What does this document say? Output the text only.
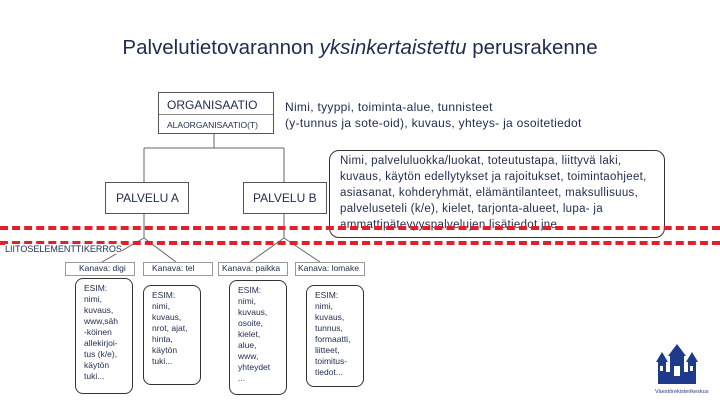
Palvelutietovarannon yksinkertaistettu perusrakenne
ORGANISAATIO
ALAORGANISAATIO(T)
Nimi, tyyppi, toiminta-alue, tunnisteet
(y-tunnus ja sote-oid), kuvaus, yhteys- ja osoitetiedot
PALVELU A	PALVELU B
Nimi, palveluluokka/luokat, toteutustapa, liittyvä laki,
kuvaus, käytön edellytykset ja rajoitukset, toimintaohjeet,
asiasanat, kohderyhmät, elämäntilanteet, maksullisuus,
palveluseteli (k/e), kielet, tarjonta-alueet, lupa- ja
ammattipätevyyspalvelujen lisätiedot jne.
LIITOSELEMENTTIKERROS
Kanava: digi	Kanava: tel	Kanava: paikka Kanava: lomake
ESIM:
nimi,
kuvaus,
www,säh
-köinen
allekirjoi-
tus (k/e),
käytön
tuki...
ESIM:
nimi,
kuvaus,
nrot, ajat,
hinta,
käytön
tuki...
ESIM:
nimi,
kuvaus,
osoite,
kielet,
alue,
www,
yhteydet
...
ESIM:
nimi,
kuvaus,
tunnus,
formaatti,
liitteet,
toimitus-
tiedot...
Väestörekisterikeskus
